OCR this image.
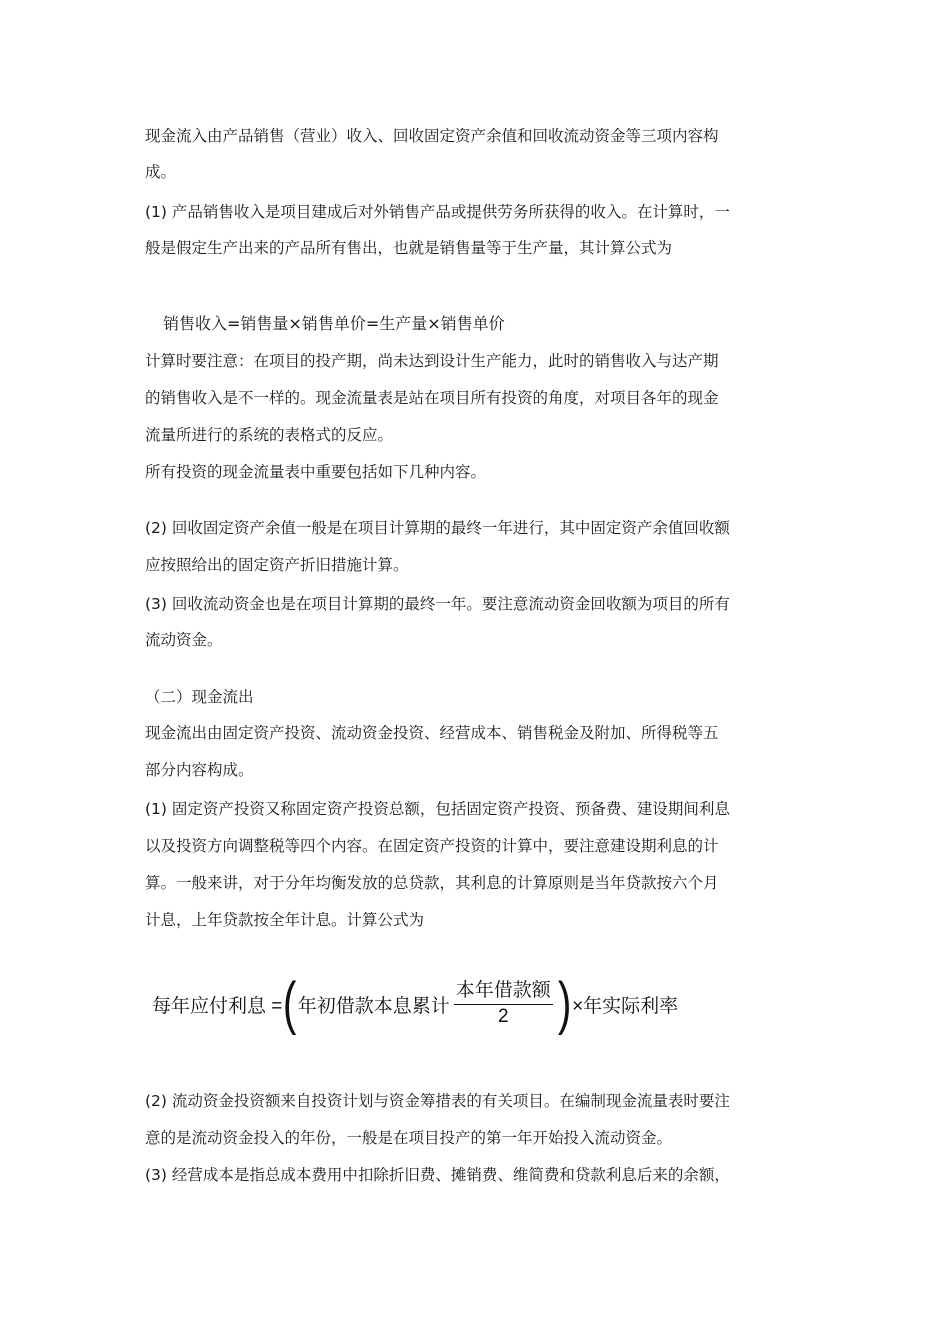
现金流入由产品销售（营业）收入、回收固定资产余值和回收流动资金等三项内容构

成。

(1) 产品销售收入是项目建成后对外销售产品或提供劳务所获得的收入。在计算时，一

般是假定生产出来的产品所有售出，也就是销售量等于生产量，其计算公式为

销售收入=销售量×销售单价=生产量×销售单价

计算时要注意：在项目的投产期，尚未达到设计生产能力，此时的销售收入与达产期

的销售收入是不一样的。现金流量表是站在项目所有投资的角度，对项目各年的现金

流量所进行的系统的表格式的反应。

所有投资的现金流量表中重要包括如下几种内容。

(2) 回收固定资产余值一般是在项目计算期的最终一年进行，其中固定资产余值回收额

应按照给出的固定资产折旧措施计算。

(3) 回收流动资金也是在项目计算期的最终一年。要注意流动资金回收额为项目的所有

流动资金。

（二）现金流出

现金流出由固定资产投资、流动资金投资、经营成本、销售税金及附加、所得税等五

部分内容构成。

(1) 固定资产投资又称固定资产投资总额，包括固定资产投资、预备费、建设期间利息

以及投资方向调整税等四个内容。在固定资产投资的计算中，要注意建设期利息的计

算。一般来讲，对于分年均衡发放的总贷款，其利息的计算原则是当年贷款按六个月

计息，上年贷款按全年计息。计算公式为

每年应付利息 = ( 年初借款本息累计 $\frac{\text{本年借款额}}{2}$ ) ×年实际利率

(2) 流动资金投资额来自投资计划与资金筹措表的有关项目。在编制现金流量表时要注

意的是流动资金投入的年份，一般是在项目投产的第一年开始投入流动资金。

(3) 经营成本是指总成本费用中扣除折旧费、摊销费、维简费和贷款利息后来的余额，
